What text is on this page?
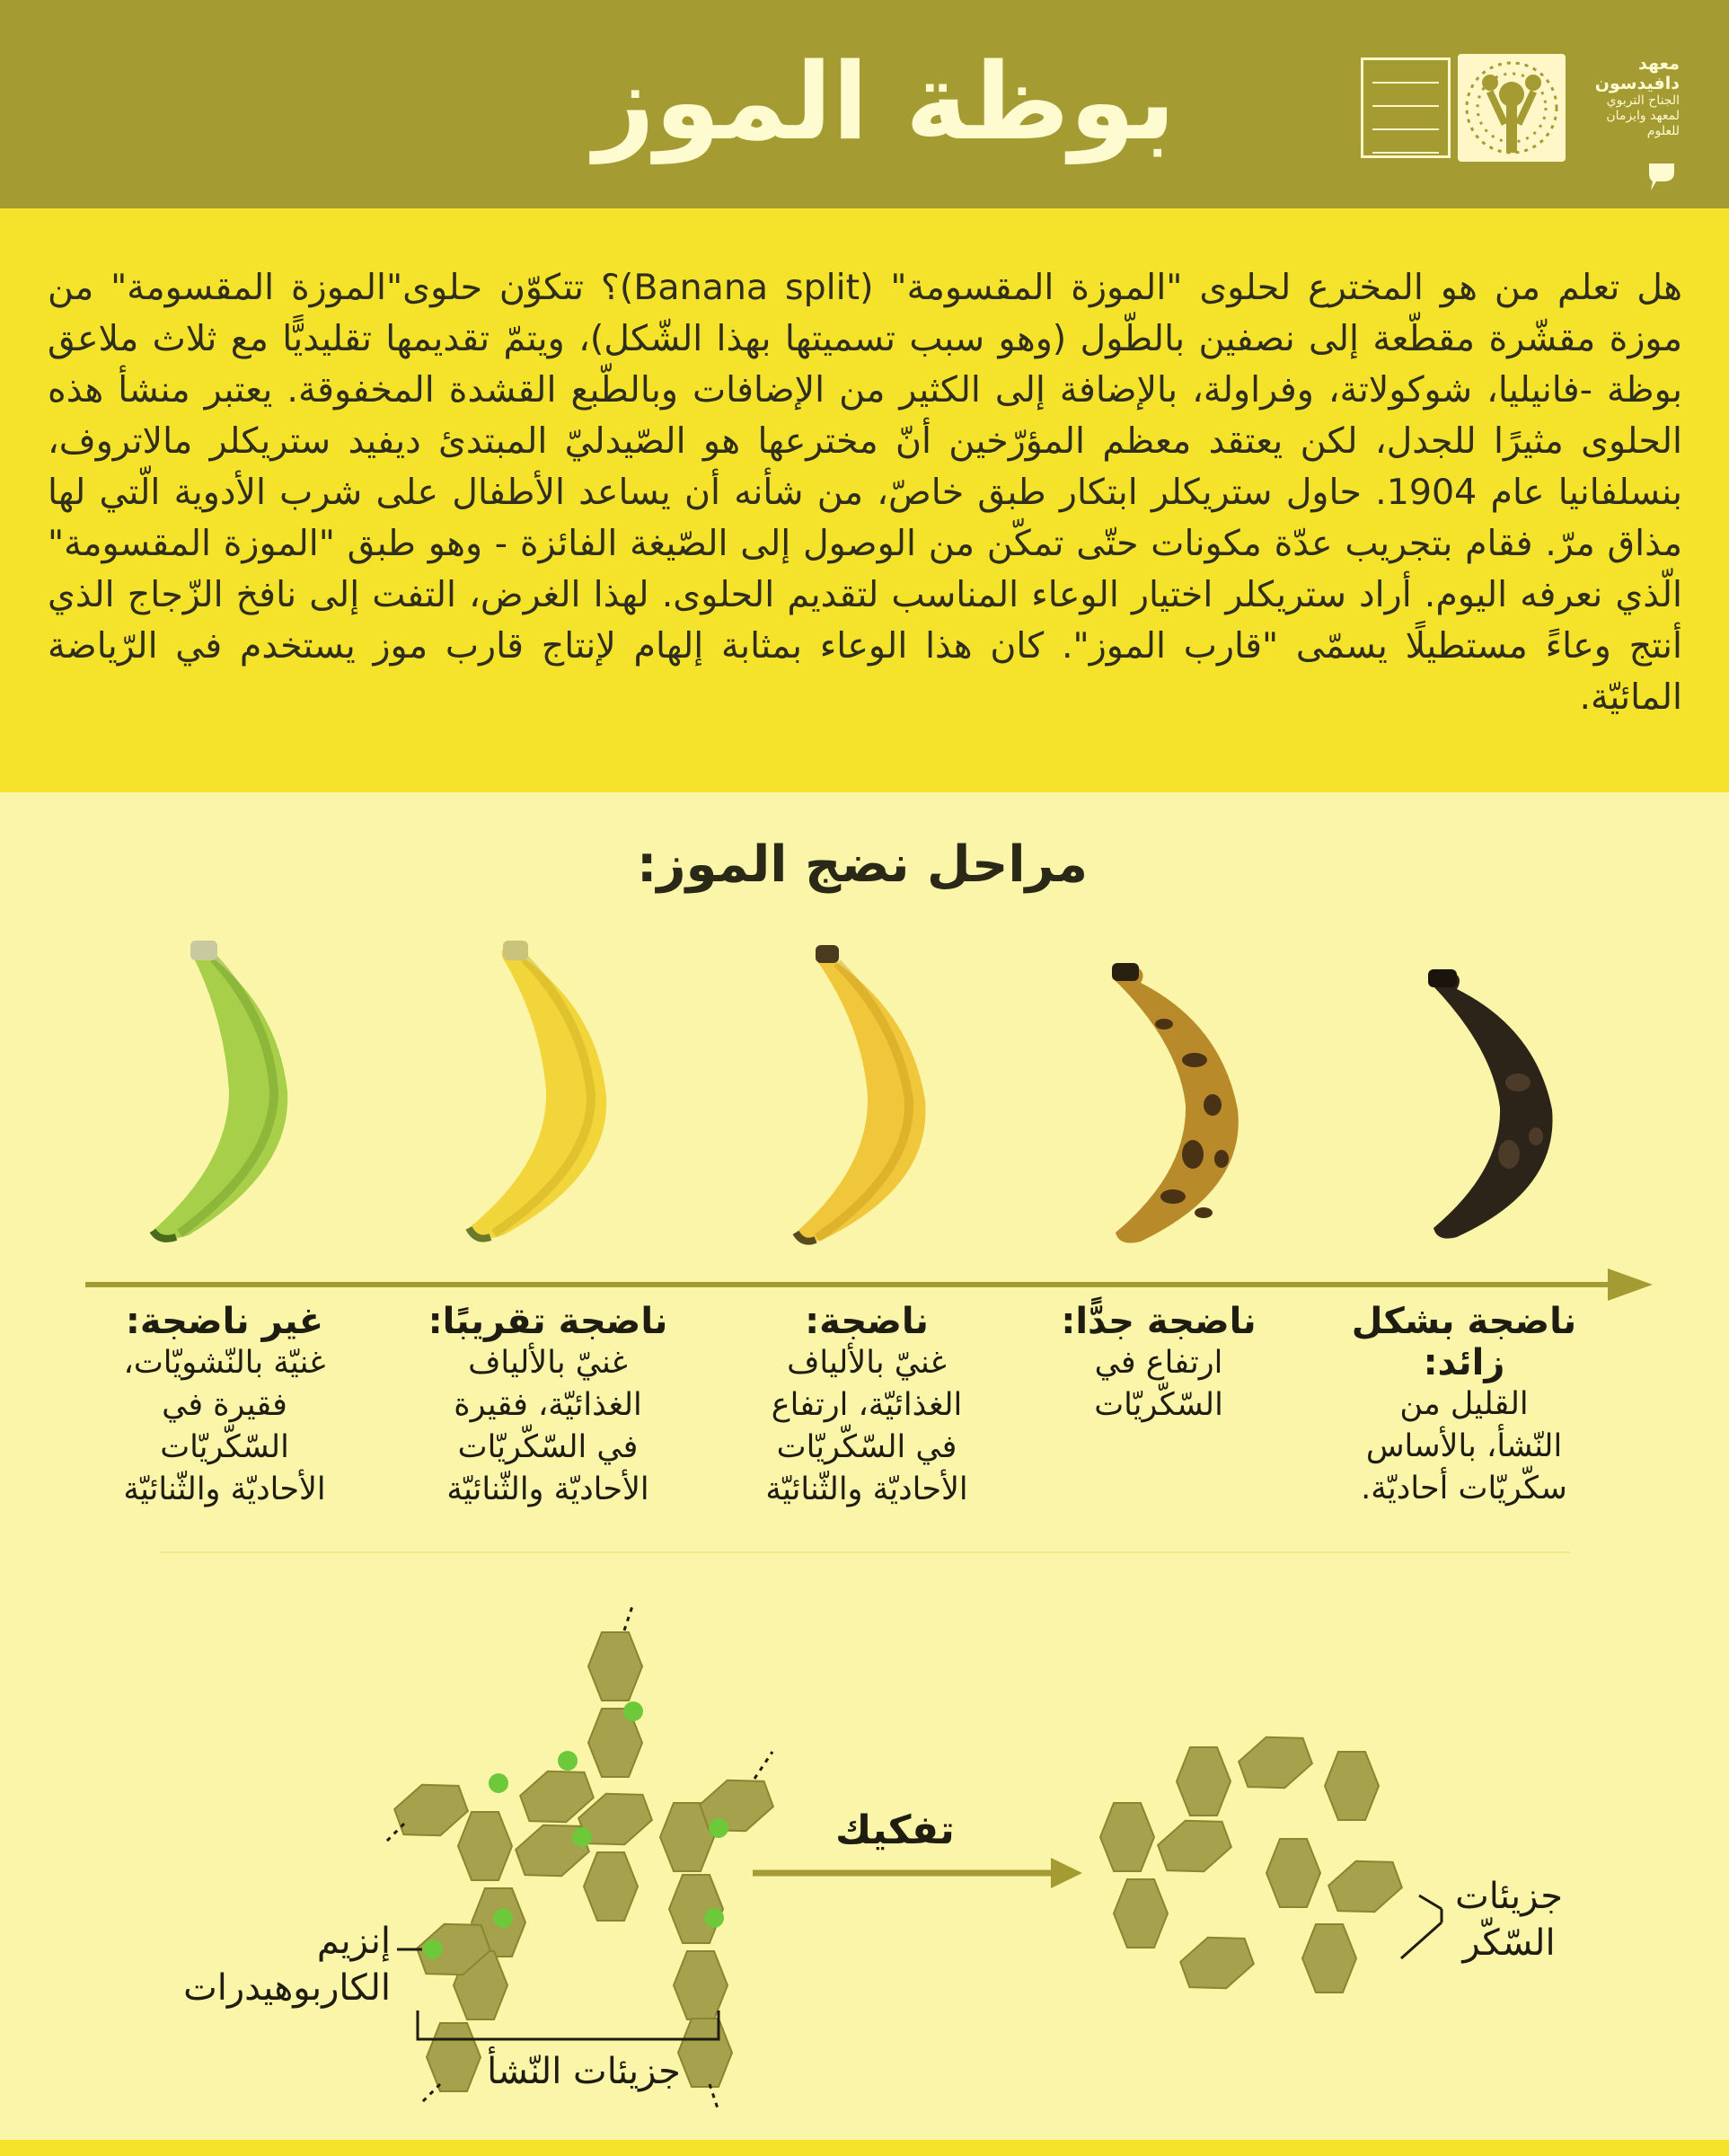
بوظة الموز	معهد
دافيدسون
الجناح التربوي
لمعهد وايزمان
للعلوم

هل تعلم من هو المخترع لحلوى "الموزة المقسومة" (Banana split)؟ تتكوّن حلوى"الموزة المقسومة" من موزة مقشّرة مقطّعة إلى نصفين بالطّول (وهو سبب تسميتها بهذا الشّكل)، ويتمّ تقديمها تقليديًّا مع ثلاث ملاعق بوظة -فانيليا، شوكولاتة، وفراولة، بالإضافة إلى الكثير من الإضافات وبالطّبع القشدة المخفوقة. يعتبر منشأ هذه الحلوى مثيرًا للجدل، لكن يعتقد معظم المؤرّخين أنّ مخترعها هو الصّيدليّ المبتدئ ديفيد ستريكلر مالاتروف، بنسلفانيا عام 1904. حاول ستريكلر ابتكار طبق خاصّ، من شأنه أن يساعد الأطفال على شرب الأدوية الّتي لها مذاق مرّ. فقام بتجريب عدّة مكونات حتّى تمكّن من الوصول إلى الصّيغة الفائزة - وهو طبق "الموزة المقسومة" الّذي نعرفه اليوم. أراد ستريكلر اختيار الوعاء المناسب لتقديم الحلوى. لهذا الغرض، التفت إلى نافخ الزّجاج الذي أنتج وعاءً مستطيلًا يسمّى "قارب الموز". كان هذا الوعاء بمثابة إلهام لإنتاج قارب موز يستخدم في الرّياضة المائيّة.

مراحل نضج الموز:
ناضجة بشكل زائد:
القليل من
النّشأ، بالأساس
سكّريّات أحاديّة.
ناضجة جدًّا:
ارتفاع في
السّكّريّات
ناضجة:
غنيّ بالألياف
الغذائيّة، ارتفاع
في السّكّريّات
الأحاديّة والثّنائيّة
ناضجة تقريبًا:
غنيّ بالألياف
الغذائيّة، فقيرة
في السّكّريّات
الأحاديّة والثّنائيّة
غير ناضجة:
غنيّة بالنّشويّات،
فقيرة في
السّكّريّات
الأحاديّة والثّنائيّة
إنزيم
الكاربوهيدرات
جزيئات النّشأ
تفكيك
جزيئات
السّكّر
